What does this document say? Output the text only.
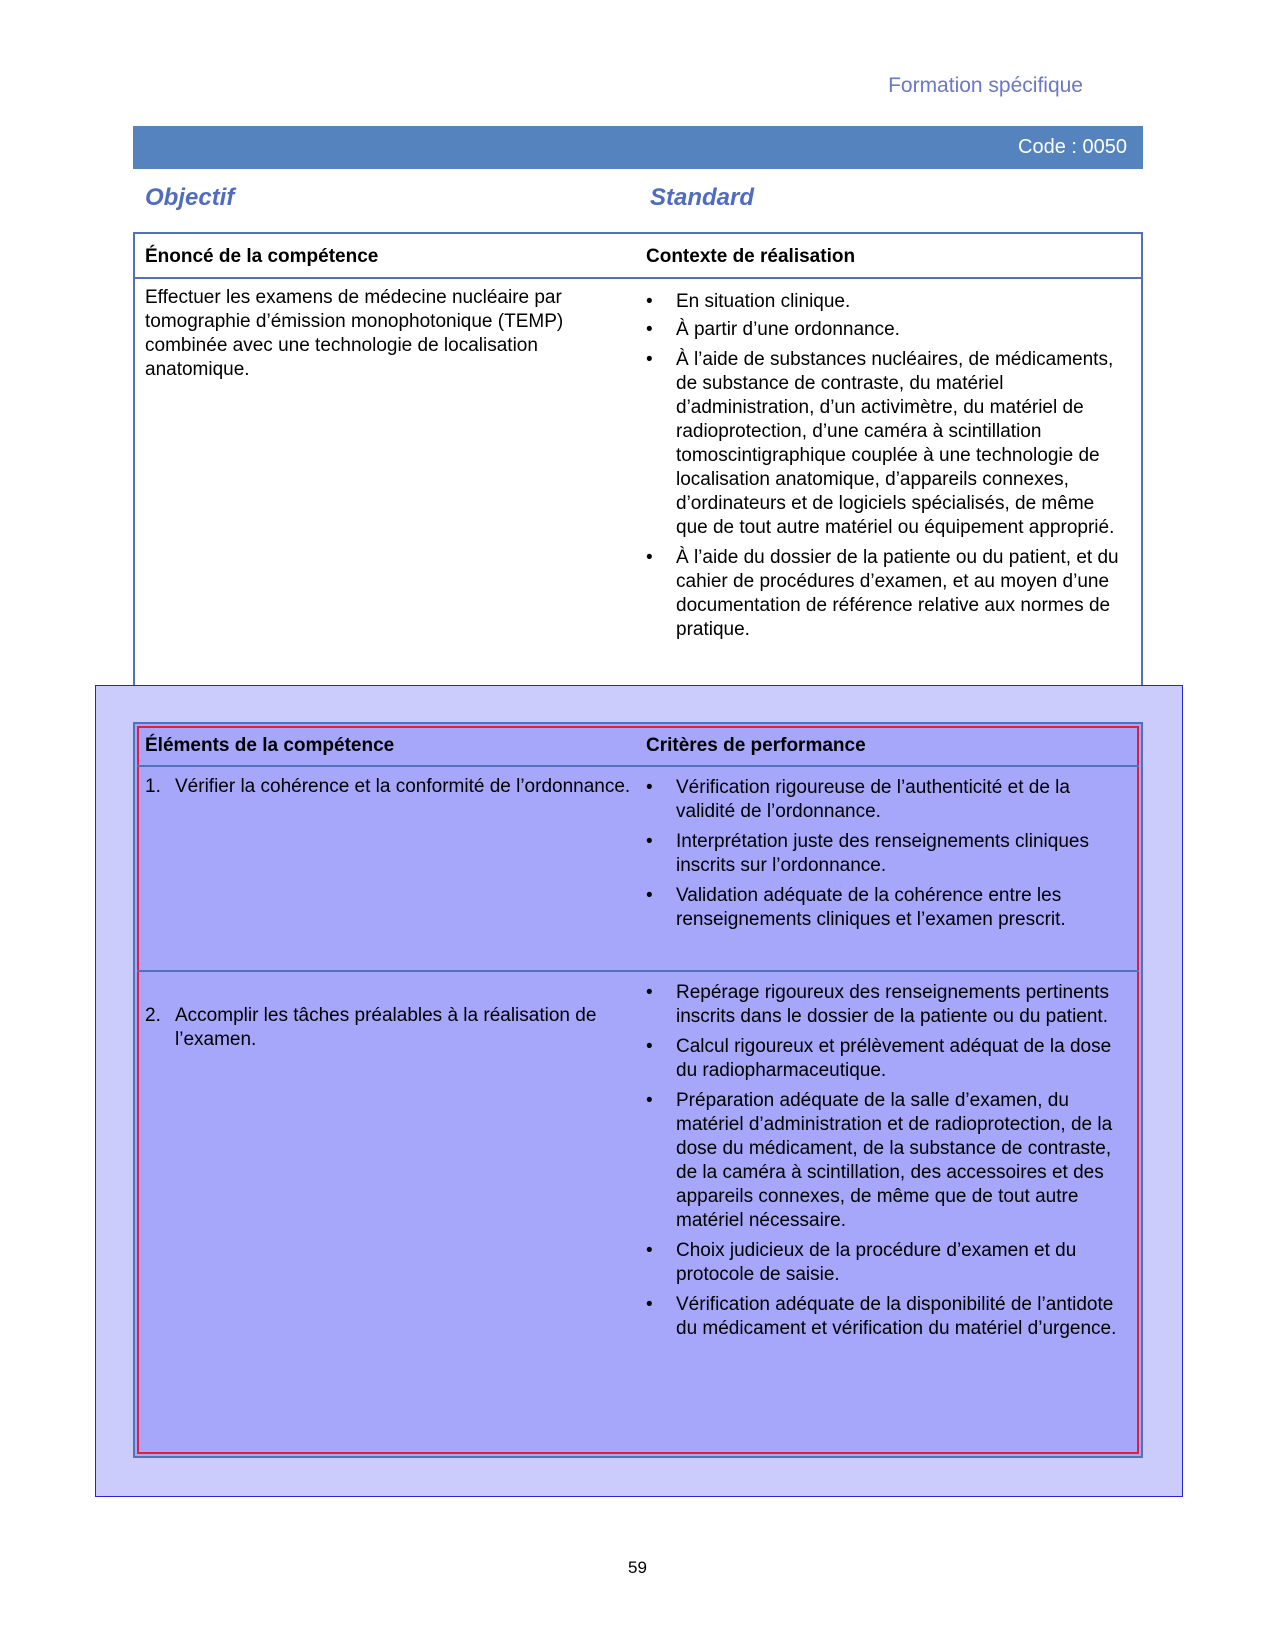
Formation spécifique
Code : 0050
Objectif	Standard
Énoncé de la compétence	Contexte de réalisation
Effectuer les examens de médecine nucléaire par tomographie d’émission monophotonique (TEMP) combinée avec une technologie de localisation anatomique.
• En situation clinique.
• À partir d’une ordonnance.
• À l’aide de substances nucléaires, de médicaments, de substance de contraste, du matériel d’administration, d’un activimètre, du matériel de radioprotection, d’une caméra à scintillation tomoscintigraphique couplée à une technologie de localisation anatomique, d’appareils connexes, d’ordinateurs et de logiciels spécialisés, de même que de tout autre matériel ou équipement approprié.
• À l’aide du dossier de la patiente ou du patient, et du cahier de procédures d’examen, et au moyen d’une documentation de référence relative aux normes de pratique.
Éléments de la compétence	Critères de performance
1. Vérifier la cohérence et la conformité de l’ordonnance.
•	Vérification rigoureuse de l’authenticité et de la validité de l’ordonnance.
• Interprétation juste des renseignements cliniques inscrits sur l’ordonnance.
• Validation adéquate de la cohérence entre les renseignements cliniques et l’examen prescrit.
2. Accomplir les tâches préalables à la réalisation de l’examen.
• Repérage rigoureux des renseignements pertinents inscrits dans le dossier de la patiente ou du patient.
• Calcul rigoureux et prélèvement adéquat de la dose du radiopharmaceutique.
• Préparation adéquate de la salle d’examen, du matériel d’administration et de radioprotection, de la dose du médicament, de la substance de contraste, de la caméra à scintillation, des accessoires et des appareils connexes, de même que de tout autre matériel nécessaire.
• Choix judicieux de la procédure d’examen et du protocole de saisie.
• Vérification adéquate de la disponibilité de l’antidote du médicament et vérification du matériel d’urgence.
59
